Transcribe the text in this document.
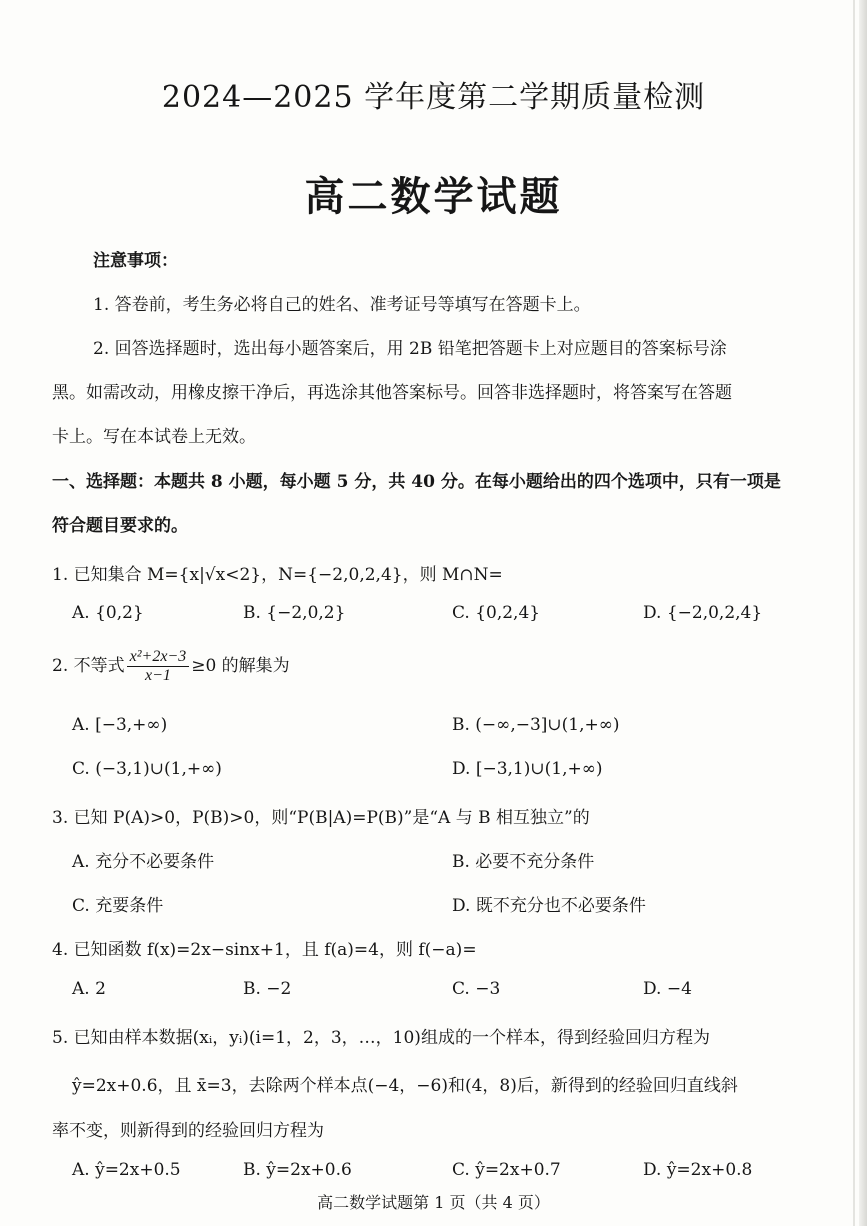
2024—2025 学年度第二学期质量检测
高二数学试题
注意事项：
1. 答卷前，考生务必将自己的姓名、准考证号等填写在答题卡上。
2. 回答选择题时，选出每小题答案后，用 2B 铅笔把答题卡上对应题目的答案标号涂
黑。如需改动，用橡皮擦干净后，再选涂其他答案标号。回答非选择题时，将答案写在答题
卡上。写在本试卷上无效。
一、选择题：本题共 8 小题，每小题 5 分，共 40 分。在每小题给出的四个选项中，只有一项是
符合题目要求的。
1. 已知集合 M={x|√x<2}，N={−2,0,2,4}，则 M∩N=
A. {0,2}	B. {−2,0,2}	C. {0,2,4}	D. {−2,0,2,4}
2. 不等式 $\frac{\text{x²+2x−3}}{x-1} \ge 0$ 的解集为
A. [−3,+∞)	B. (−∞,−3]∪(1,+∞)
C. (−3,1)∪(1,+∞)	D. [−3,1)∪(1,+∞)
3. 已知 P(A)>0，P(B)>0，则“P(B|A)=P(B)”是“A 与 B 相互独立”的
A. 充分不必要条件	B. 必要不充分条件
C. 充要条件	D. 既不充分也不必要条件
4. 已知函数 f(x)=2x−sinx+1，且 f(a)=4，则 f(−a)=
A. 2	B. −2	C. −3	D. −4
5. 已知由样本数据(xᵢ，yᵢ)(i=1，2，3，…，10)组成的一个样本，得到经验回归方程为
ŷ=2x+0.6，且 x̄=3，去除两个样本点(−4，−6)和(4，8)后，新得到的经验回归直线斜
率不变，则新得到的经验回归方程为
A. ŷ=2x+0.5	B. ŷ=2x+0.6	C. ŷ=2x+0.7	D. ŷ=2x+0.8
高二数学试题第 1 页（共 4 页）
